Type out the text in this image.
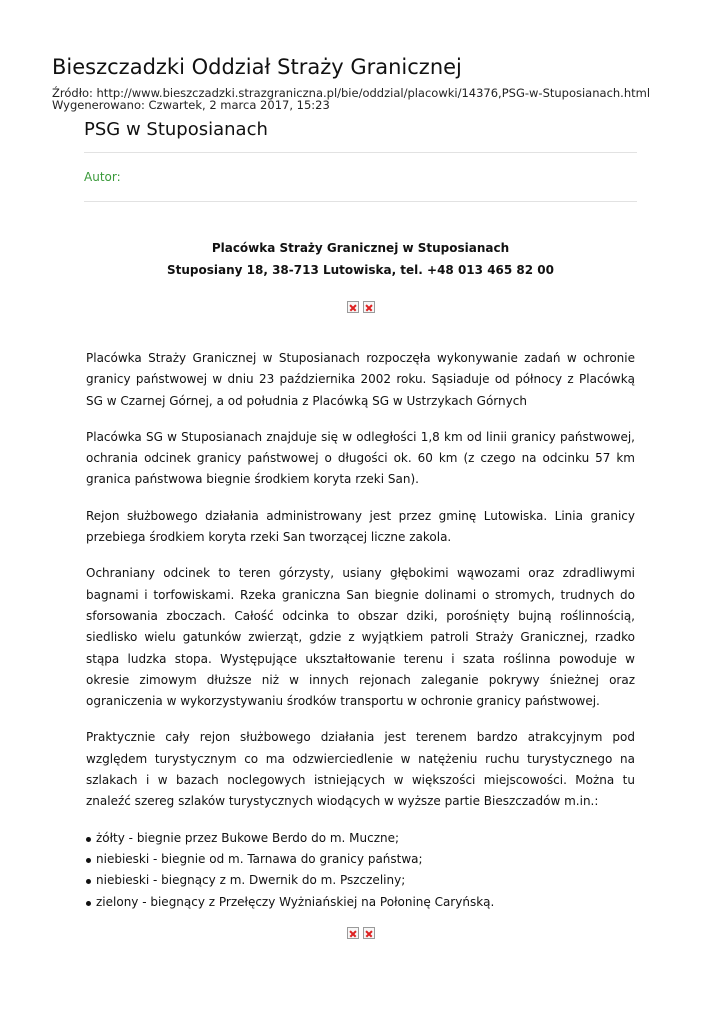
Bieszczadzki Oddział Straży Granicznej
Źródło: http://www.bieszczadzki.strazgraniczna.pl/bie/oddzial/placowki/14376,PSG-w-Stuposianach.html
Wygenerowano: Czwartek, 2 marca 2017, 15:23
PSG w Stuposianach
Autor:
Placówka Straży Granicznej w Stuposianach
Stuposiany 18, 38-713 Lutowiska, tel. +48 013 465 82 00

Placówka Straży Granicznej w Stuposianach rozpoczęła wykonywanie zadań w ochronie granicy państwowej w dniu 23 października 2002 roku. Sąsiaduje od północy z Placówką SG w Czarnej Górnej, a od południa z Placówką SG w Ustrzykach Górnych

Placówka SG w Stuposianach znajduje się w odległości 1,8 km od linii granicy państwowej, ochrania odcinek granicy państwowej o długości ok. 60 km (z czego na odcinku 57 km granica państwowa biegnie środkiem koryta rzeki San).

Rejon służbowego działania administrowany jest przez gminę Lutowiska. Linia granicy przebiega środkiem koryta rzeki San tworzącej liczne zakola.

Ochraniany odcinek to teren górzysty, usiany głębokimi wąwozami oraz zdradliwymi bagnami i torfowiskami. Rzeka graniczna San biegnie dolinami o stromych, trudnych do sforsowania zboczach. Całość odcinka to obszar dziki, porośnięty bujną roślinnością, siedlisko wielu gatunków zwierząt, gdzie z wyjątkiem patroli Straży Granicznej, rzadko stąpa ludzka stopa. Występujące ukształtowanie terenu i szata roślinna powoduje w okresie zimowym dłuższe niż w innych rejonach zaleganie pokrywy śnieżnej oraz ograniczenia w wykorzystywaniu środków transportu w ochronie granicy państwowej.

Praktycznie cały rejon służbowego działania jest terenem bardzo atrakcyjnym pod względem turystycznym co ma odzwierciedlenie w natężeniu ruchu turystycznego na szlakach i w bazach noclegowych istniejących w większości miejscowości. Można tu znaleźć szereg szlaków turystycznych wiodących w wyższe partie Bieszczadów m.in.:

żółty - biegnie przez Bukowe Berdo do m. Muczne;
niebieski - biegnie od m. Tarnawa do granicy państwa;
niebieski - biegnący z m. Dwernik do m. Pszczeliny;
zielony - biegnący z Przełęczy Wyżniańskiej na Połoninę Caryńską.
